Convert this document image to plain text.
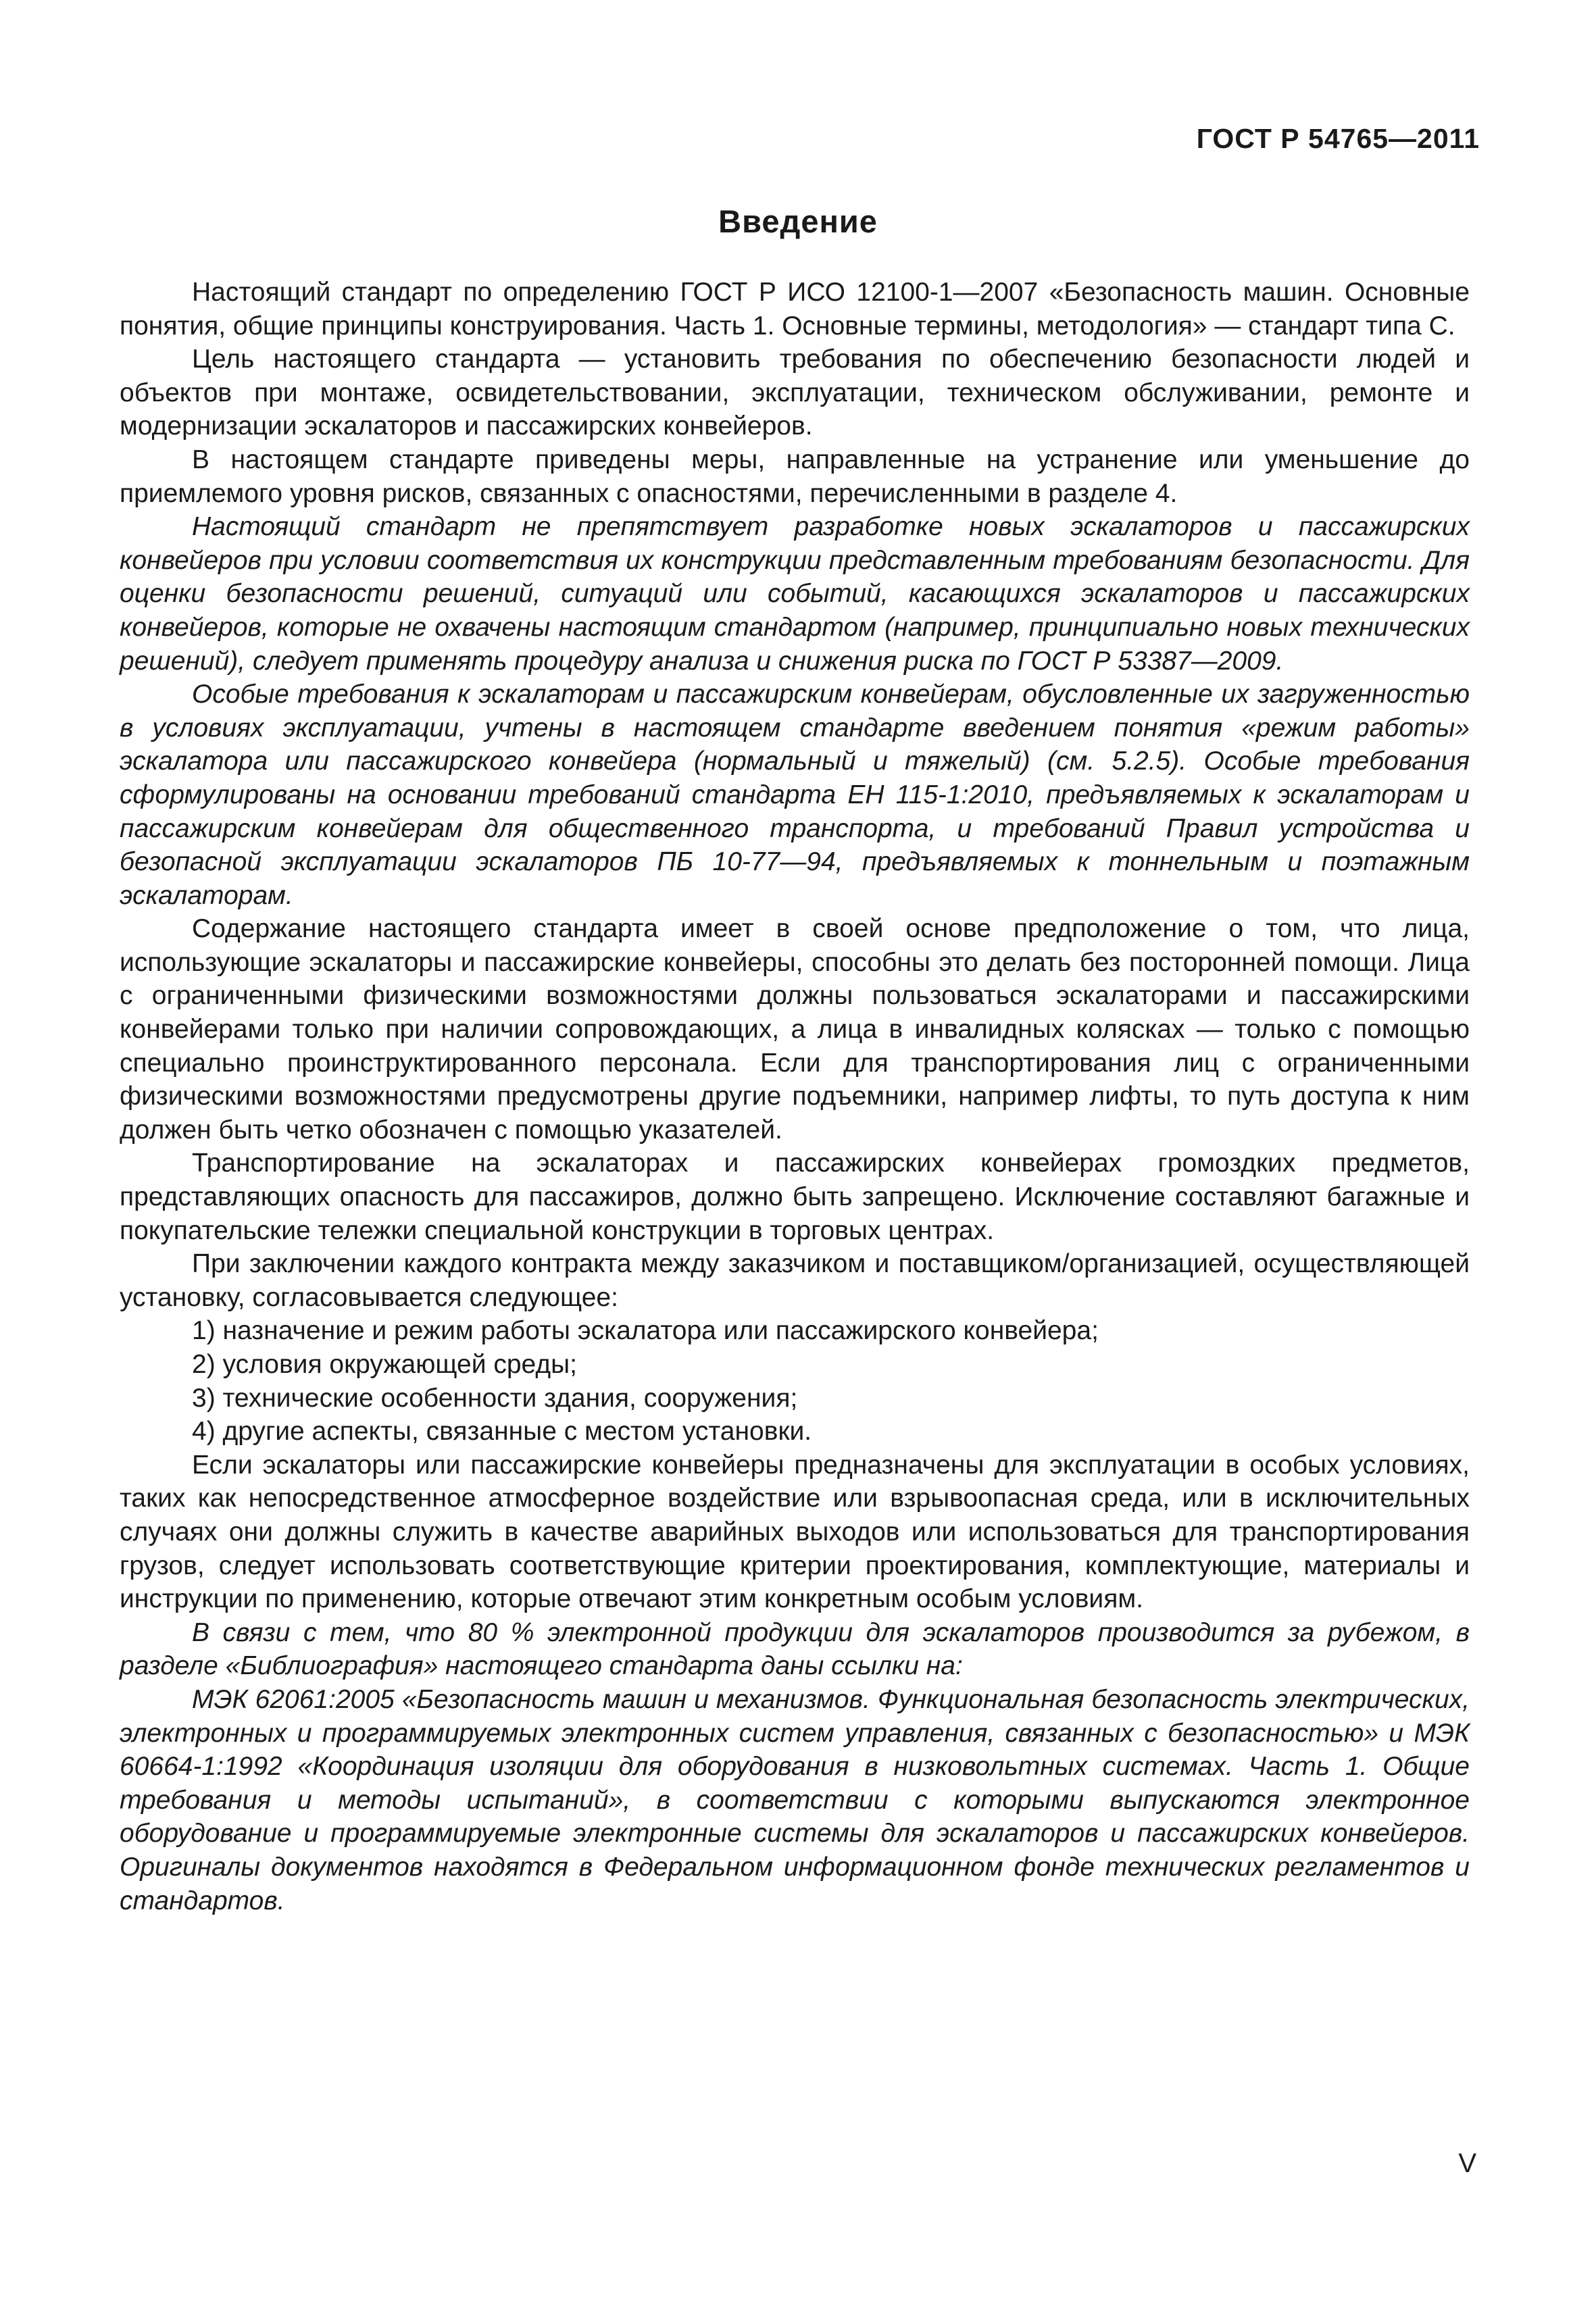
ГОСТ Р 54765—2011
Введение

Настоящий стандарт по определению ГОСТ Р ИСО 12100-1—2007 «Безопасность машин. Основные понятия, общие принципы конструирования. Часть 1. Основные термины, методология» — стандарт типа С.

Цель настоящего стандарта — установить требования по обеспечению безопасности людей и объектов при монтаже, освидетельствовании, эксплуатации, техническом обслуживании, ремонте и модернизации эскалаторов и пассажирских конвейеров.

В настоящем стандарте приведены меры, направленные на устранение или уменьшение до приемлемого уровня рисков, связанных с опасностями, перечисленными в разделе 4.

Настоящий стандарт не препятствует разработке новых эскалаторов и пассажирских конвейеров при условии соответствия их конструкции представленным требованиям безопасности. Для оценки безопасности решений, ситуаций или событий, касающихся эскалаторов и пассажирских конвейеров, которые не охвачены настоящим стандартом (например, принципиально новых технических решений), следует применять процедуру анализа и снижения риска по ГОСТ Р 53387—2009.

Особые требования к эскалаторам и пассажирским конвейерам, обусловленные их загруженностью в условиях эксплуатации, учтены в настоящем стандарте введением понятия «режим работы» эскалатора или пассажирского конвейера (нормальный и тяжелый) (см. 5.2.5). Особые требования сформулированы на основании требований стандарта ЕН 115-1:2010, предъявляемых к эскалаторам и пассажирским конвейерам для общественного транспорта, и требований Правил устройства и безопасной эксплуатации эскалаторов ПБ 10-77—94, предъявляемых к тоннельным и поэтажным эскалаторам.

Содержание настоящего стандарта имеет в своей основе предположение о том, что лица, использующие эскалаторы и пассажирские конвейеры, способны это делать без посторонней помощи. Лица с ограниченными физическими возможностями должны пользоваться эскалаторами и пассажирскими конвейерами только при наличии сопровождающих, а лица в инвалидных колясках — только с помощью специально проинструктированного персонала. Если для транспортирования лиц с ограниченными физическими возможностями предусмотрены другие подъемники, например лифты, то путь доступа к ним должен быть четко обозначен с помощью указателей.

Транспортирование на эскалаторах и пассажирских конвейерах громоздких предметов, представляющих опасность для пассажиров, должно быть запрещено. Исключение составляют багажные и покупательские тележки специальной конструкции в торговых центрах.

При заключении каждого контракта между заказчиком и поставщиком/организацией, осуществляющей установку, согласовывается следующее:

1) назначение и режим работы эскалатора или пассажирского конвейера;

2) условия окружающей среды;

3) технические особенности здания, сооружения;

4) другие аспекты, связанные с местом установки.

Если эскалаторы или пассажирские конвейеры предназначены для эксплуатации в особых условиях, таких как непосредственное атмосферное воздействие или взрывоопасная среда, или в исключительных случаях они должны служить в качестве аварийных выходов или использоваться для транспортирования грузов, следует использовать соответствующие критерии проектирования, комплектующие, материалы и инструкции по применению, которые отвечают этим конкретным особым условиям.

В связи с тем, что 80 % электронной продукции для эскалаторов производится за рубежом, в разделе «Библиография» настоящего стандарта даны ссылки на:

МЭК 62061:2005 «Безопасность машин и механизмов. Функциональная безопасность электрических, электронных и программируемых электронных систем управления, связанных с безопасностью» и МЭК 60664-1:1992 «Координация изоляции для оборудования в низковольтных системах. Часть 1. Общие требования и методы испытаний», в соответствии с которыми выпускаются электронное оборудование и программируемые электронные системы для эскалаторов и пассажирских конвейеров. Оригиналы документов находятся в Федеральном информационном фонде технических регламентов и стандартов.

V
